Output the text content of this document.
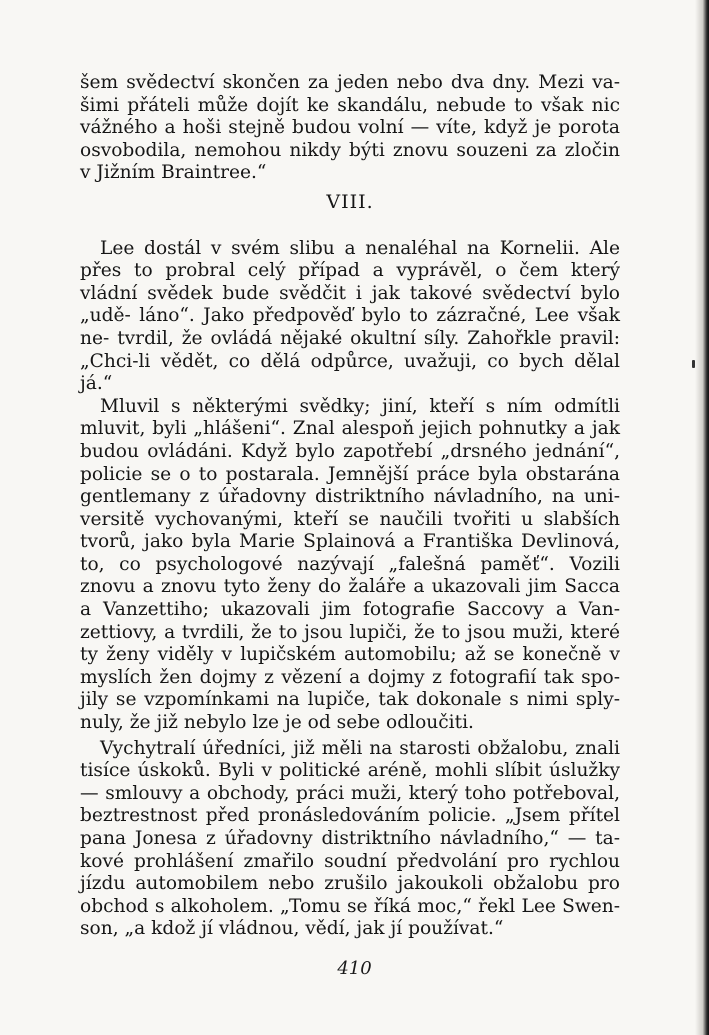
šem svědectví skončen za jeden nebo dva dny. Mezi va- šimi přáteli může dojít ke skandálu, nebude to však nic vážného a hoši stejně budou volní — víte, když je porota osvobodila, nemohou nikdy býti znovu souzeni za zločin v Jižním Braintree.“

VIII.

Lee dostál v svém slibu a nenaléhal na Kornelii. Ale přes to probral celý případ a vyprávěl, o čem který vládní svědek bude svědčit i jak takové svědectví bylo „udě- láno“. Jako předpověď bylo to zázračné, Lee však ne- tvrdil, že ovládá nějaké okultní síly. Zahořkle pravil: „Chci-li vědět, co dělá odpůrce, uvažuji, co bych dělal já.“

Mluvil s některými svědky; jiní, kteří s ním odmítli mluvit, byli „hlášeni“. Znal alespoň jejich pohnutky a jak budou ovládáni. Když bylo zapotřebí „drsného jednání“, policie se o to postarala. Jemnější práce byla obstarána gentlemany z úřadovny distriktního návladního, na uni- versitě vychovanými, kteří se naučili tvořiti u slabších tvorů, jako byla Marie Splainová a Františka Devlinová, to, co psychologové nazývají „falešná paměť“. Vozili znovu a znovu tyto ženy do žaláře a ukazovali jim Sacca a Vanzettiho; ukazovali jim fotografie Saccovy a Van- zettiovy, a tvrdili, že to jsou lupiči, že to jsou muži, které ty ženy viděly v lupičském automobilu; až se konečně v myslích žen dojmy z vězení a dojmy z fotografií tak spo- jily se vzpomínkami na lupiče, tak dokonale s nimi sply- nuly, že již nebylo lze je od sebe odloučiti.

Vychytralí úředníci, již měli na starosti obžalobu, znali tisíce úskoků. Byli v politické aréně, mohli slíbit úslužky — smlouvy a obchody, práci muži, který toho potřeboval, beztrestnost před pronásledováním policie. „Jsem přítel pana Jonesa z úřadovny distriktního návladního,“ — ta- kové prohlášení zmařilo soudní předvolání pro rychlou jízdu automobilem nebo zrušilo jakoukoli obžalobu pro obchod s alkoholem. „Tomu se říká moc,“ řekl Lee Swen- son, „a kdož jí vládnou, vědí, jak jí používat.“

410
